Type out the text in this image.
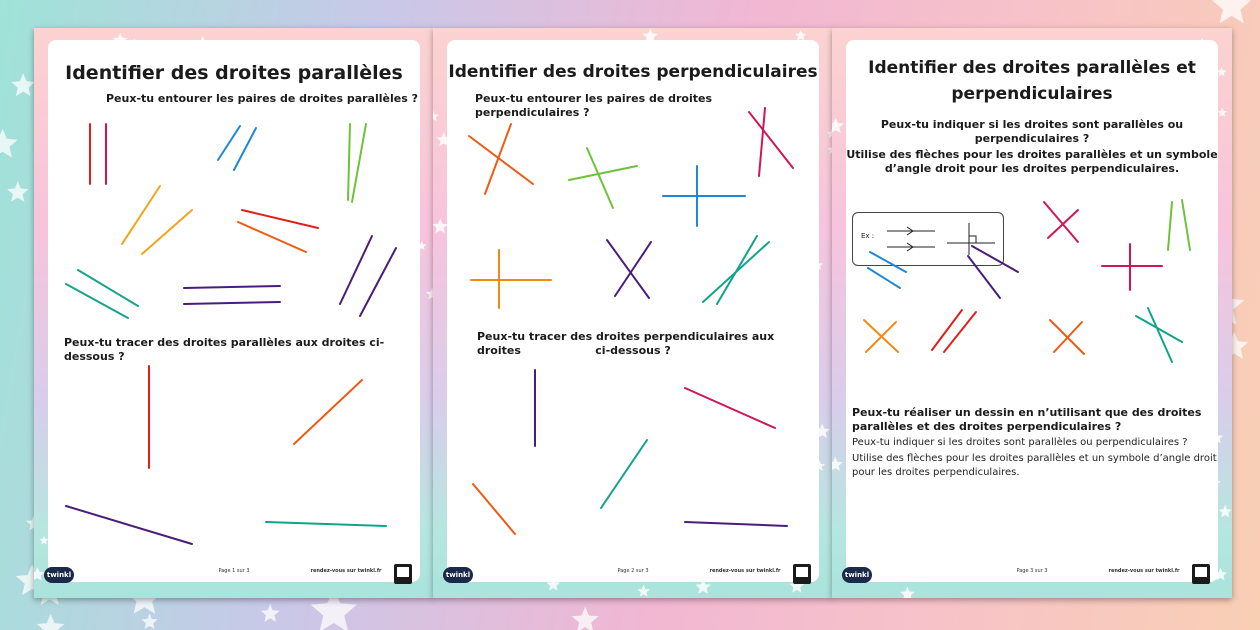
Identifier des droites parallèles
Peux-tu entourer les paires de droites parallèles ?
Peux-tu tracer des droites parallèles aux droites ci-dessous ?
twinkl	Page 1 sur 3	rendez-vous sur twinkl.fr
Identifier des droites perpendiculaires
Peux-tu entourer les paires de droites perpendiculaires ?
Peux-tu tracer des droites perpendiculaires aux droites	ci-dessous ?
twinkl	Page 2 sur 3	rendez-vous sur twinkl.fr
Identifier des droites parallèles et
perpendiculaires
Peux-tu indiquer si les droites sont parallèles ou
perpendiculaires ?
Utilise des flèches pour les droites parallèles et un symbole
d’angle droit pour les droites perpendiculaires.
Ex :
Peux-tu réaliser un dessin en n’utilisant que des droites
parallèles et des droites perpendiculaires ?
Peux-tu indiquer si les droites sont parallèles ou perpendiculaires ?
Utilise des flèches pour les droites parallèles et un symbole d’angle droit
pour les droites perpendiculaires.
twinkl	Page 3 sur 3	rendez-vous sur twinkl.fr
